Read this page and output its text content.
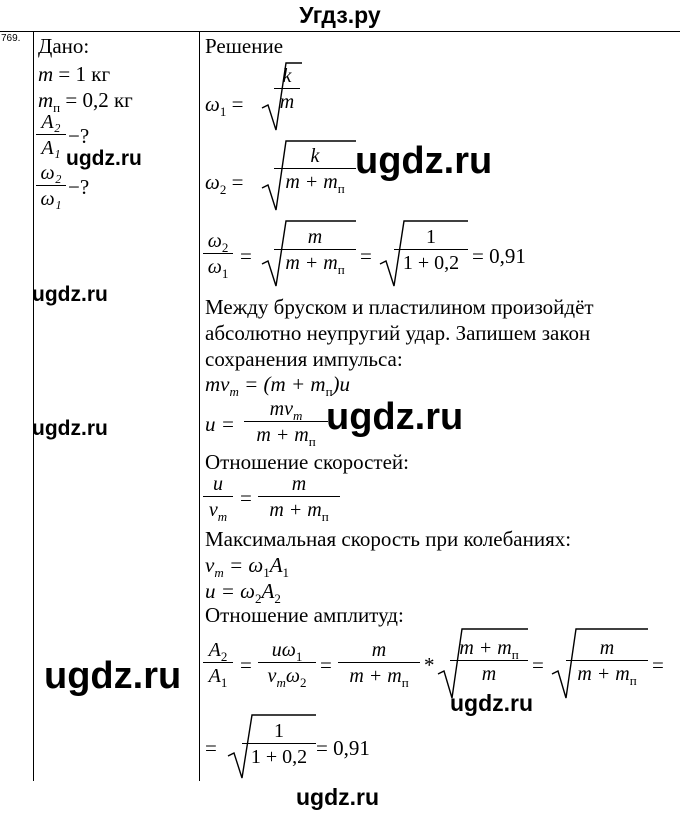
Угдз.ру
769. Дано:
m = 1 кг
$m_п = 0,2$ кг
$\frac{\text{A₂}}{\text{A₁}}$ −?
$\frac{\text{ω₂}}{\text{ω₁}}$ −?
Решение
$\omega_1 = \frac{k}{m}$
$\omega_2$ =
k
$m + m_п$
$\frac{\omega_2}{\omega_1}$ =
m
$m + m_п$
= $\frac{1}{1 + 0,2} = 0,91$
Между бруском и пластилином произойдёт
абсолютно неупругий удар. Запишем закон
сохранения импульса:
$mv_m = (m + m_п)u$
u =
$mv_m$
$m + m_п$
Отношение скоростей:
$\frac{u}{v_m}$ =
m
$m + m_п$
Максимальная скорость при колебаниях:
$v_m = \omega_1A_1$
$u = \omega_2A_2$
Отношение амплитуд:
$\frac{A_2}{A_1}$ =
$u\omega_1$
$v_m\omega_2$
=
m
$m + m_п$
*
$m + m_п$
m	=
m
$m + m_п$
=
= $\frac{1}{1 + 0,2} = 0,91$
ugdz.ru	ugdz.ru
ugdz.ru
ugdz.ru	ugdz.ru
ugdz.ru
ugdz.ru
ugdz.ru
